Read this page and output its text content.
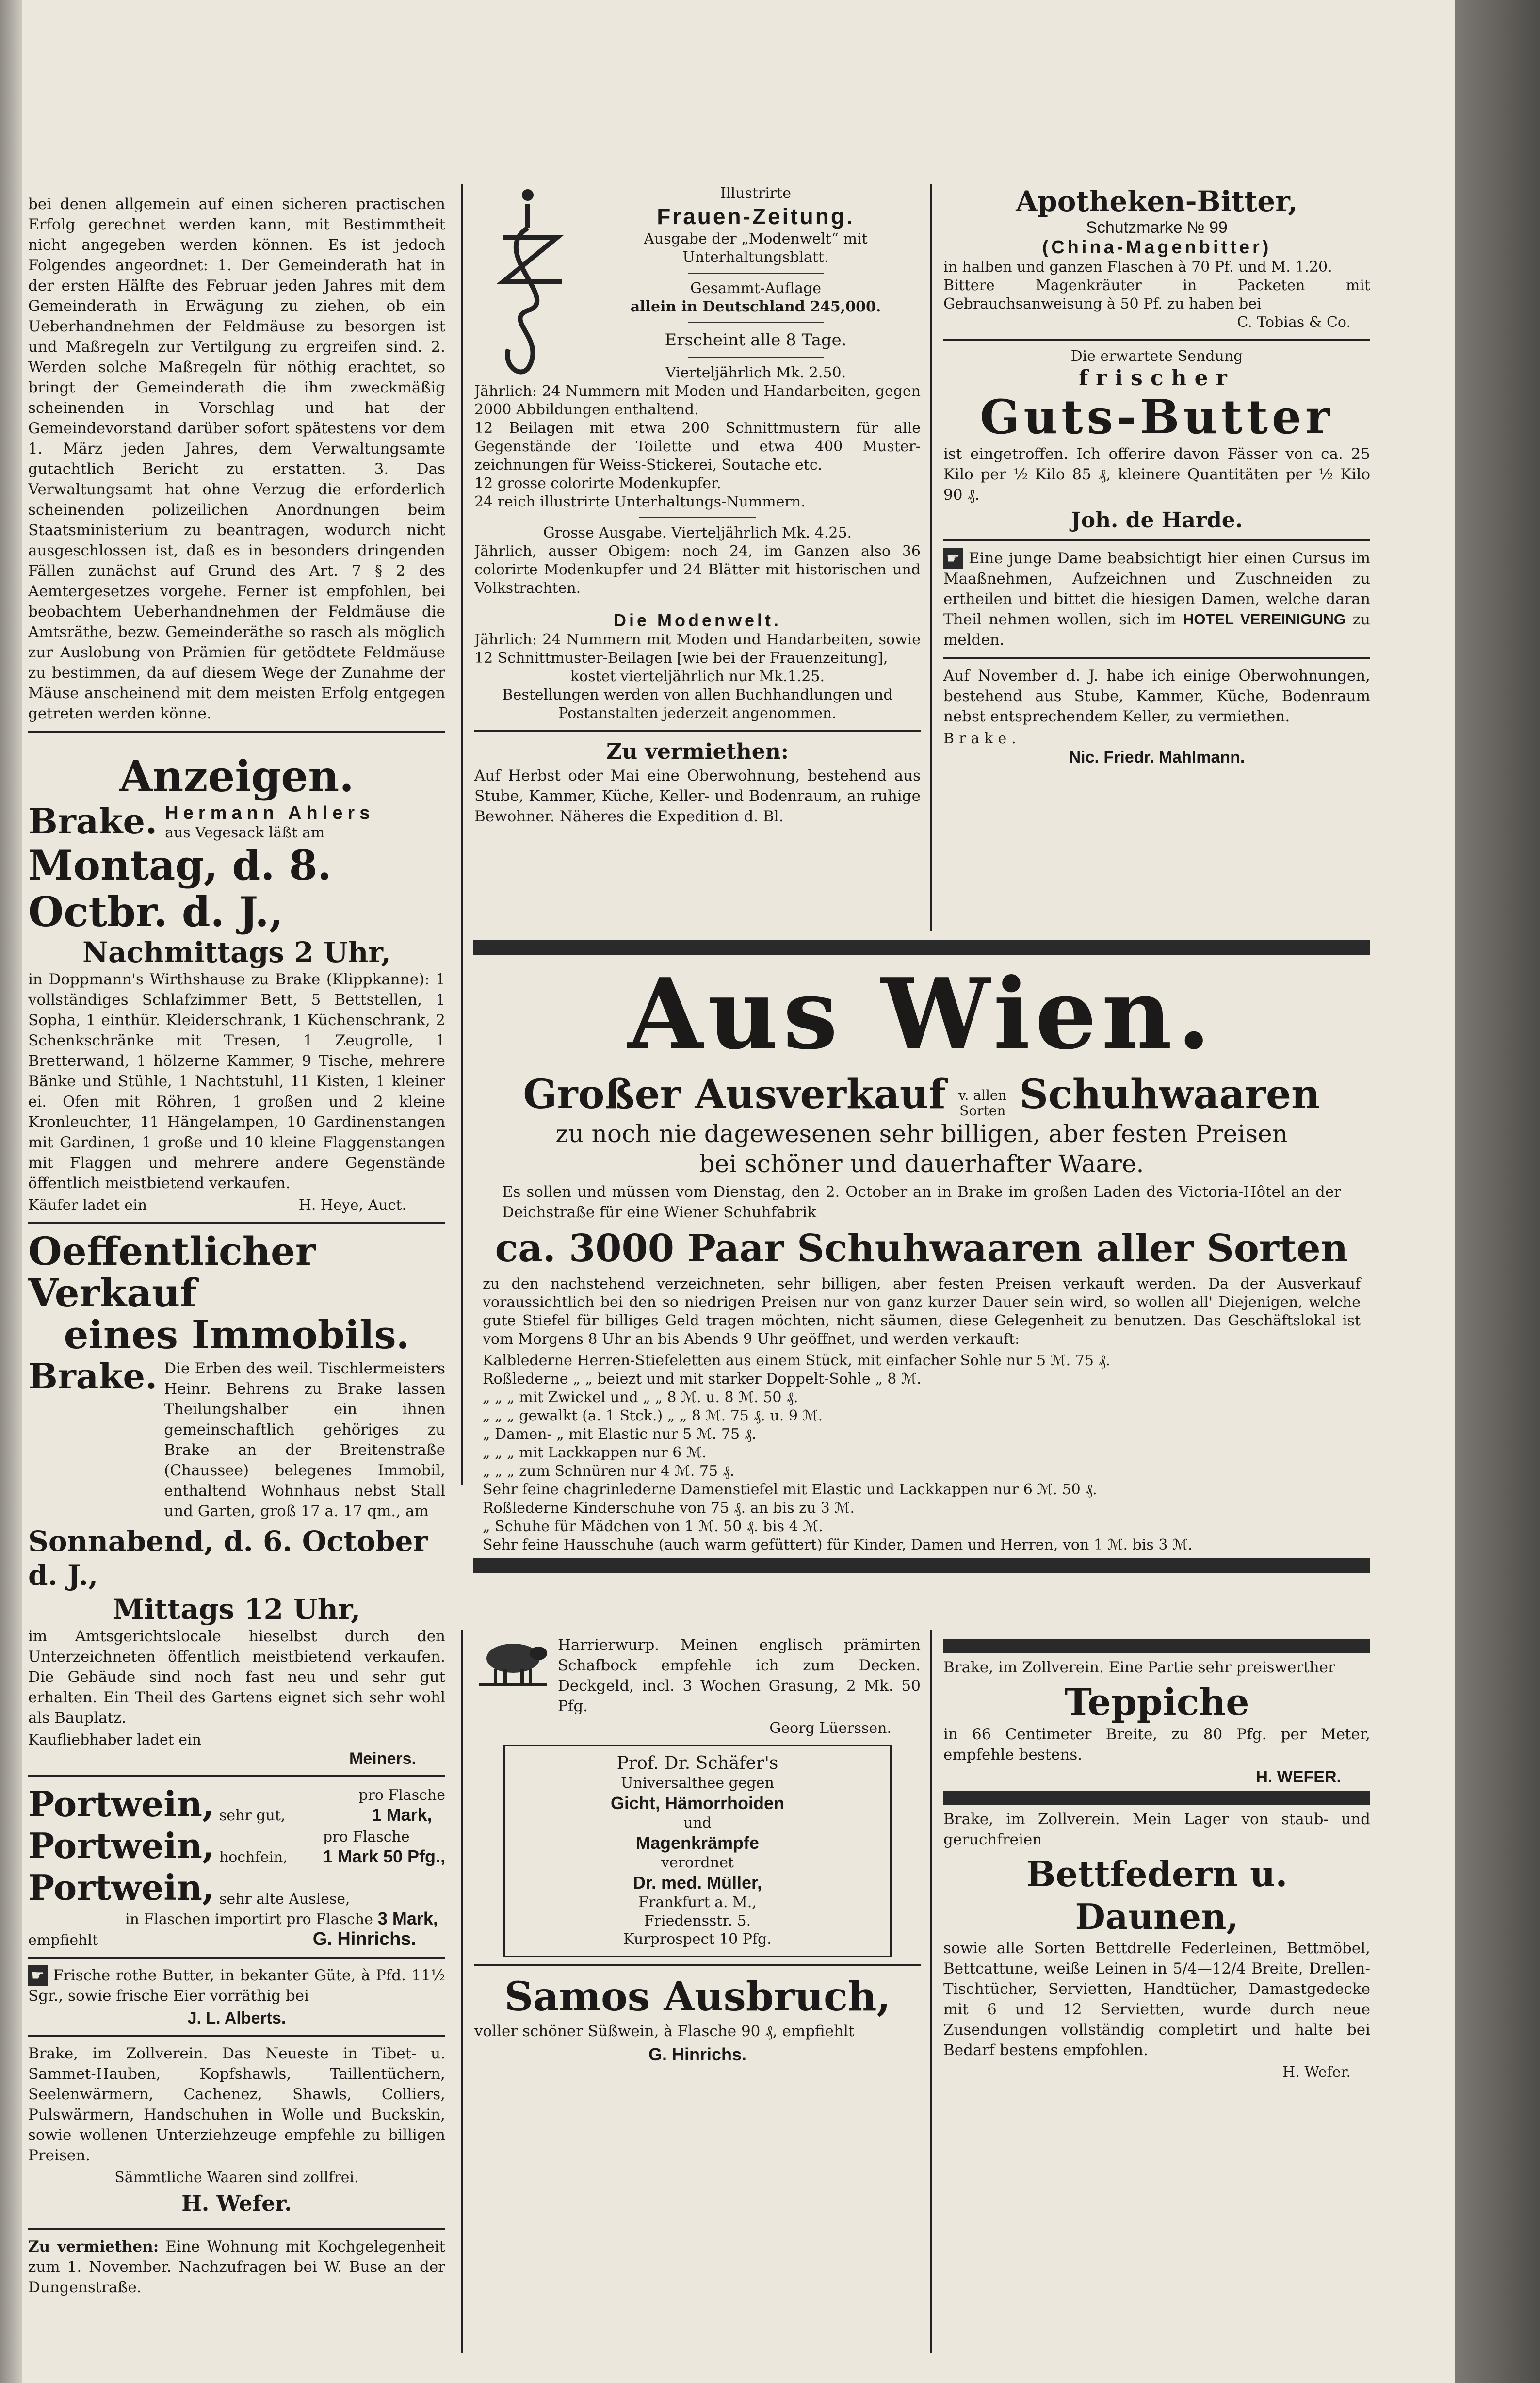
bei denen allgemein auf einen sicheren practischen Erfolg gerechnet werden kann, mit Bestimmtheit nicht angegeben werden können. Es ist jedoch Folgendes angeordnet: 1. Der Gemeinderath hat in der ersten Hälfte des Februar jeden Jahres mit dem Gemeinderath in Erwägung zu ziehen, ob ein Ueberhandnehmen der Feldmäuse zu besorgen ist und Maßregeln zur Vertilgung zu ergreifen sind. 2. Werden solche Maßregeln für nöthig erachtet, so bringt der Gemeinderath die ihm zweckmäßig scheinenden in Vorschlag und hat der Gemeindevorstand darüber sofort spätestens vor dem 1. März jeden Jahres, dem Verwaltungsamte gutachtlich Bericht zu erstatten. 3. Das Verwaltungsamt hat ohne Verzug die erforderlich scheinenden polizeilichen Anordnungen beim Staatsministerium zu beantragen, wodurch nicht ausgeschlossen ist, daß es in besonders dringenden Fällen zunächst auf Grund des Art. 7 § 2 des Aemtergesetzes vorgehe. Ferner ist empfohlen, bei beobachtem Ueberhandnehmen der Feldmäuse die Amtsräthe, bezw. Gemeinderäthe so rasch als möglich zur Auslobung von Prämien für getödtete Feldmäuse zu bestimmen, da auf diesem Wege der Zunahme der Mäuse anscheinend mit dem meisten Erfolg entgegen getreten werden könne.

Anzeigen.
Brake. Hermann Ahlers
aus Vegesack läßt am
Montag, d. 8. Octbr. d. J.,
Nachmittags 2 Uhr,

in Doppmann's Wirthshause zu Brake (Klippkanne): 1 vollständiges Schlafzimmer Bett, 5 Bettstellen, 1 Sopha, 1 einthür. Kleiderschrank, 1 Küchenschrank, 2 Schenkschränke mit Tresen, 1 Zeugrolle, 1 Bretterwand, 1 hölzerne Kammer, 9 Tische, mehrere Bänke und Stühle, 1 Nachtstuhl, 11 Kisten, 1 kleiner ei. Ofen mit Röhren, 1 großen und 2 kleine Kronleuchter, 11 Hängelampen, 10 Gardinenstangen mit Gardinen, 1 große und 10 kleine Flaggenstangen mit Flaggen und mehrere andere Gegenstände öffentlich meistbietend verkaufen.

Käufer ladet ein	H. Heye, Auct.
Oeffentlicher Verkauf
eines Immobils.
Brake. Die Erben des weil. Tischlermeisters Heinr. Behrens zu Brake lassen Theilungshalber ein ihnen gemeinschaftlich gehöriges zu Brake an der Breitenstraße (Chaussee) belegenes Immobil, enthaltend Wohnhaus nebst Stall und Garten, groß 17 a. 17 qm., am

Sonnabend, d. 6. October d. J.,
Mittags 12 Uhr,

im Amtsgerichtslocale hieselbst durch den Unterzeichneten öffentlich meistbietend verkaufen. Die Gebäude sind noch fast neu und sehr gut erhalten. Ein Theil des Gartens eignet sich sehr wohl als Bauplatz.

Kaufliebhaber ladet ein
Meiners.
Portwein, sehr gut,
pro Flasche
1 Mark,
Portwein, hochfein,
pro Flasche
1 Mark 50 Pfg.,
Portwein, sehr alte Auslese,
in Flaschen importirt pro Flasche 3 Mark,
empfiehlt	G. Hinrichs.

☛ Frische rothe Butter, in bekanter Güte, à Pfd. 11½ Sgr., sowie frische Eier vorräthig bei

J. L. Alberts.

Brake, im Zollverein. Das Neueste in Tibet- u. Sammet-Hauben, Kopfshawls, Taillentüchern, Seelenwärmern, Cachenez, Shawls, Colliers, Pulswärmern, Handschuhen in Wolle und Buckskin, sowie wollenen Unterziehzeuge empfehle zu billigen Preisen.

Sämmtliche Waaren sind zollfrei.
H. Wefer.

Zu vermiethen: Eine Wohnung mit Kochgelegenheit zum 1. November. Nachzufragen bei W. Buse an der Dungenstraße.

Illustrirte
Frauen-Zeitung.
Ausgabe der „Modenwelt“ mit Unterhaltungsblatt.
Gesammt-Auflage
allein in Deutschland 245,000.
Erscheint alle 8 Tage.
Vierteljährlich Mk. 2.50.
Jährlich: 24 Nummern mit Moden und Handarbeiten, gegen 2000 Abbildungen enthaltend.
12 Beilagen mit etwa 200 Schnittmustern für alle Gegenstände der Toilette und etwa 400 Muster-zeichnungen für Weiss-Stickerei, Soutache etc.
12 grosse colorirte Modenkupfer.
24 reich illustrirte Unterhaltungs-Nummern.
Grosse Ausgabe. Vierteljährlich Mk. 4.25.
Jährlich, ausser Obigem: noch 24, im Ganzen also 36 colorirte Modenkupfer und 24 Blätter mit historischen und Volkstrachten.
Die Modenwelt.
Jährlich: 24 Nummern mit Moden und Handarbeiten, sowie 12 Schnittmuster-Beilagen [wie bei der Frauenzeitung],
kostet vierteljährlich nur Mk.1.25.
Bestellungen werden von allen Buchhandlungen und Postanstalten jederzeit angenommen.
Zu vermiethen:

Auf Herbst oder Mai eine Oberwohnung, bestehend aus Stube, Kammer, Küche, Keller- und Bodenraum, an ruhige Bewohner. Näheres die Expedition d. Bl.

Apotheken-Bitter,
Schutzmarke № 99
(China-Magenbitter)
in halben und ganzen Flaschen à 70 Pf. und M. 1.20.
Bittere Magenkräuter in Packeten mit Gebrauchsanweisung à 50 Pf. zu haben bei
C. Tobias & Co.
Die erwartete Sendung
frischer
Guts-Butter

ist eingetroffen. Ich offerire davon Fässer von ca. 25 Kilo per ½ Kilo 85 ₰, kleinere Quantitäten per ½ Kilo 90 ₰.

Joh. de Harde.

☛ Eine junge Dame beabsichtigt hier einen Cursus im Maaßnehmen, Aufzeichnen und Zuschneiden zu ertheilen und bittet die hiesigen Damen, welche daran Theil nehmen wollen, sich im HOTEL VEREINIGUNG zu melden.

Auf November d. J. habe ich einige Oberwohnungen, bestehend aus Stube, Kammer, Küche, Bodenraum nebst entsprechendem Keller, zu vermiethen.

Brake.
Nic. Friedr. Mahlmann.
Aus Wien.
Großer Ausverkauf v. allen Sorten Schuhwaaren
zu noch nie dagewesenen sehr billigen, aber festen Preisen
bei schöner und dauerhafter Waare.

Es sollen und müssen vom Dienstag, den 2. October an in Brake im großen Laden des Victoria-Hôtel an der Deichstraße für eine Wiener Schuhfabrik

ca. 3000 Paar Schuhwaaren aller Sorten

zu den nachstehend verzeichneten, sehr billigen, aber festen Preisen verkauft werden. Da der Ausverkauf voraussichtlich bei den so niedrigen Preisen nur von ganz kurzer Dauer sein wird, so wollen all' Diejenigen, welche gute Stiefel für billiges Geld tragen möchten, nicht säumen, diese Gelegenheit zu benutzen. Das Geschäftslokal ist vom Morgens 8 Uhr an bis Abends 9 Uhr geöffnet, und werden verkauft:

Kalbleder​ne Herren-Stiefeletten aus einem Stück, mit einfacher Sohle nur 5 ℳ. 75 ₰.
Roßlederne „ „ beiezt und mit starker Doppelt-Sohle „ 8 ℳ.
„ „ „ mit Zwickel und „ „ 8 ℳ. u. 8 ℳ. 50 ₰.
„ „ „ gewalkt (a. 1 Stck.) „ „ 8 ℳ. 75 ₰. u. 9 ℳ.
„ Damen- „ mit Elastic nur 5 ℳ. 75 ₰.
„ „ „ mit Lackkappen nur 6 ℳ.
„ „ „ zum Schnüren nur 4 ℳ. 75 ₰.
Sehr feine chagrinlederne Damenstiefel mit Elastic und Lackkappen nur 6 ℳ. 50 ₰.
Roßlederne Kinderschuhe von 75 ₰. an bis zu 3 ℳ.
„ Schuhe für Mädchen von 1 ℳ. 50 ₰. bis 4 ℳ.
Sehr feine Hausschuhe (auch warm gefüttert) für Kinder, Damen und Herren, von 1 ℳ. bis 3 ℳ.

Harrierwurp. Meinen englisch prämirten Schafbock empfehle ich zum Decken. Deckgeld, incl. 3 Wochen Grasung, 2 Mk. 50 Pfg.

Georg Lüerssen.
Prof. Dr. Schäfer's
Universalthee gegen
Gicht, Hämorrhoiden
und
Magenkrämpfe
verordnet
Dr. med. Müller,
Frankfurt a. M.,
Friedensstr. 5.
Kurprospect 10 Pfg.
Samos Ausbruch,

voller schöner Süßwein, à Flasche 90 ₰, empfiehlt

G. Hinrichs.

Brake, im Zollverein. Eine Partie sehr preiswerther

Teppiche

in 66 Centimeter Breite, zu 80 Pfg. per Meter, empfehle bestens.

H. WEFER.

Brake, im Zollverein. Mein Lager von staub- und geruchfreien

Bettfedern u. Daunen,

sowie alle Sorten Bettdrelle Federleinen, Bettmöbel, Bettcattune, weiße Leinen in 5/4—12/4 Breite, Drellen-Tischtücher, Servietten, Handtücher, Damastgedecke mit 6 und 12 Servietten, wurde durch neue Zusendungen vollständig completirt und halte bei Bedarf bestens empfohlen.

H. Wefer.
